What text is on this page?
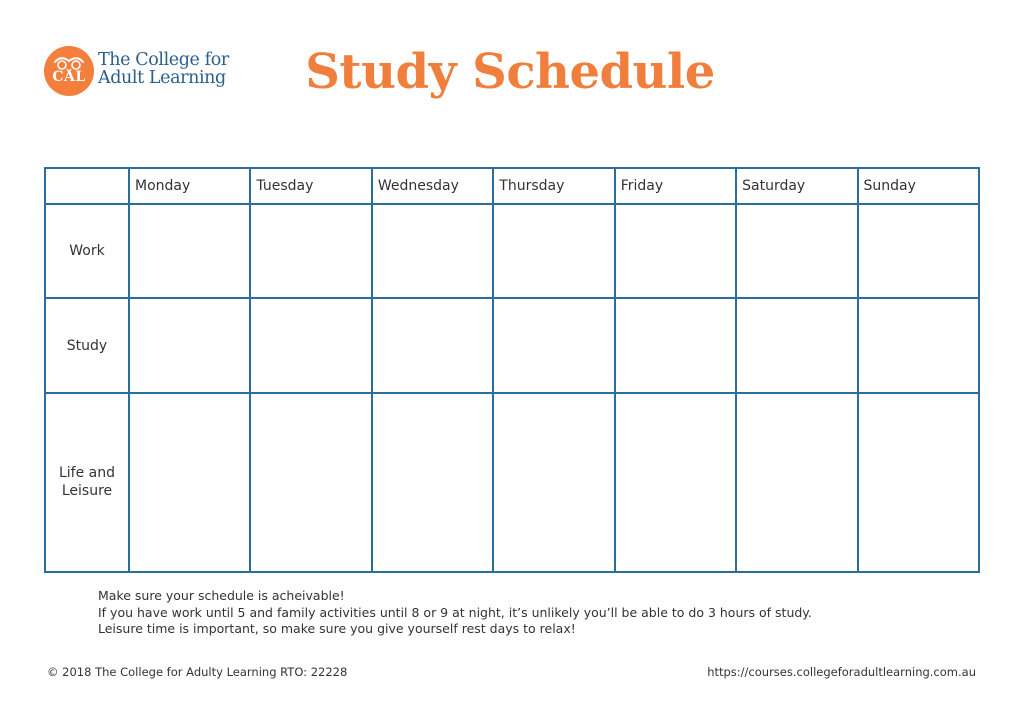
CAL
The College for
Adult Learning Study Schedule
	Monday	Tuesday	Wednesday	Thursday	Friday	Saturday	Sunday
Work							
Study							
Life and Leisure							
Make sure your schedule is acheivable!
If you have work until 5 and family activities until 8 or 9 at night, it’s unlikely you’ll be able to do 3 hours of study.
Leisure time is important, so make sure you give yourself rest days to relax!
© 2018 The College for Adulty Learning RTO: 22228	https://courses.collegeforadultlearning.com.au
